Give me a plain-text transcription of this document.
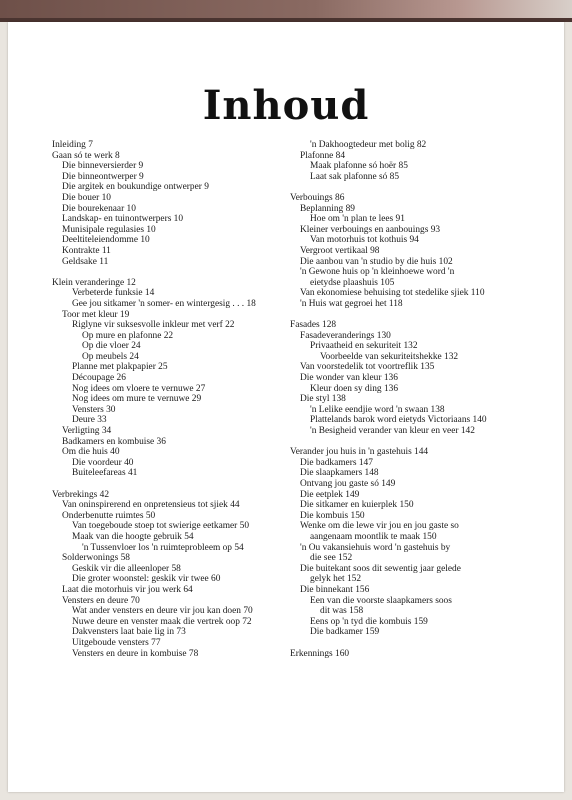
Inhoud
Inleiding 7
Gaan só te werk 8
Die binneversierder 9
Die binneontwerper 9
Die argitek en boukundige ontwerper 9
Die bouer 10
Die bourekenaar 10
Landskap- en tuinontwerpers 10
Munisipale regulasies 10
Deeltiteleiendomme 10
Kontrakte 11
Geldsake 11
Klein veranderinge 12
Verbeterde funksie 14
Gee jou sitkamer 'n somer- en wintergesig . . . 18
Toor met kleur 19
Riglyne vir suksesvolle inkleur met verf 22
Op mure en plafonne 22
Op die vloer 24
Op meubels 24
Planne met plakpapier 25
Découpage 26
Nog idees om vloere te vernuwe 27
Nog idees om mure te vernuwe 29
Vensters 30
Deure 33
Verligting 34
Badkamers en kombuise 36
Om die huis 40
Die voordeur 40
Buiteleefareas 41
Verbrekings 42
Van oninspirerend en onpretensieus tot sjiek 44
Onderbenutte ruimtes 50
Van toegeboude stoep tot swierige eetkamer 50
Maak van die hoogte gebruik 54
'n Tussenvloer los 'n ruimteprobleem op 54
Solderwonings 58
Geskik vir die alleenloper 58
Die groter woonstel: geskik vir twee 60
Laat die motorhuis vir jou werk 64
Vensters en deure 70
Wat ander vensters en deure vir jou kan doen 70
Nuwe deure en venster maak die vertrek oop 72
Dakvensters laat baie lig in 73
Uitgeboude vensters 77
Vensters en deure in kombuise 78
'n Dakhoogtedeur met bolig 82
Plafonne 84
Maak plafonne só hoër 85
Laat sak plafonne só 85
Verbouings 86
Beplanning 89
Hoe om 'n plan te lees 91
Kleiner verbouings en aanbouings 93
Van motorhuis tot kothuis 94
Vergroot vertikaal 98
Die aanbou van 'n studio by die huis 102
'n Gewone huis op 'n kleinhoewe word 'n
eietydse plaashuis 105
Van ekonomiese behuising tot stedelike sjiek 110
'n Huis wat gegroei het 118
Fasades 128
Fasadeveranderings 130
Privaatheid en sekuriteit 132
Voorbeelde van sekuriteitshekke 132
Van voorstedelik tot voortreflik 135
Die wonder van kleur 136
Kleur doen sy ding 136
Die styl 138
'n Lelike eendjie word 'n swaan 138
Plattelands barok word eietyds Victoriaans 140
'n Besigheid verander van kleur en veer 142
Verander jou huis in 'n gastehuis 144
Die badkamers 147
Die slaapkamers 148
Ontvang jou gaste só 149
Die eetplek 149
Die sitkamer en kuierplek 150
Die kombuis 150
Wenke om die lewe vir jou en jou gaste so
aangenaam moontlik te maak 150
'n Ou vakansiehuis word 'n gastehuis by
die see 152
Die buitekant soos dit sewentig jaar gelede
gelyk het 152
Die binnekant 156
Een van die voorste slaapkamers soos
dit was 158
Eens op 'n tyd die kombuis 159
Die badkamer 159
Erkennings 160
